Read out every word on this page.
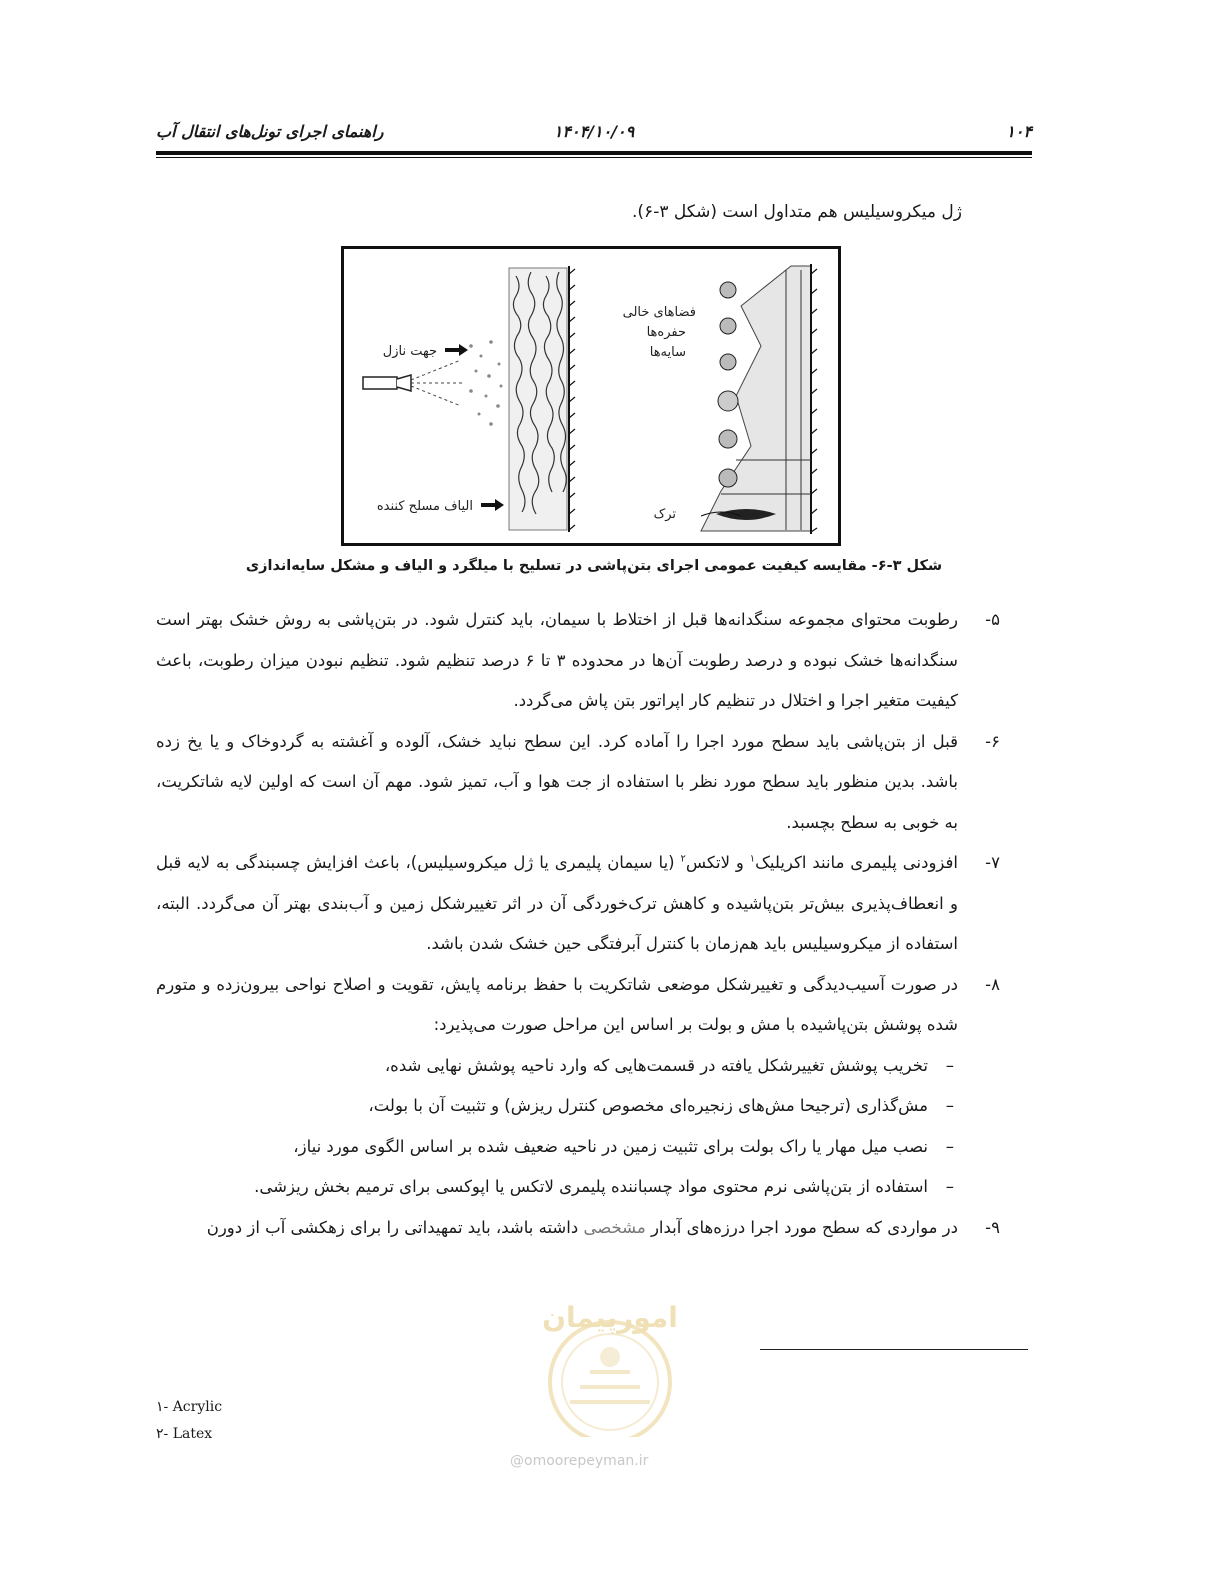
۱۰۴
۱۴۰۴/۱۰/۰۹
راهنمای اجرای تونل‌های انتقال آب
ژل میکروسیلیس هم متداول است (شکل ۳-۶).
جهت نازل
الیاف مسلح کننده
فضاهای خالی
حفره‌ها
سایه‌ها
ترک
شکل ۳-۶- مقایسه کیفیت عمومی اجرای بتن‌پاشی در تسلیح با میلگرد و الیاف و مشکل سایه‌اندازی
۵-
رطوبت محتوای مجموعه سنگدانه‌ها قبل از اختلاط با سیمان، باید کنترل شود. در بتن‌پاشی به روش خشک بهتر است سنگدانه‌ها خشک نبوده و درصد رطوبت آن‌ها در محدوده ۳ تا ۶ درصد تنظیم شود. تنظیم نبودن میزان رطوبت، باعث کیفیت متغیر اجرا و اختلال در تنظیم کار اپراتور بتن پاش می‌گردد.
۶-
قبل از بتن‌پاشی باید سطح مورد اجرا را آماده کرد. این سطح نباید خشک، آلوده و آغشته به گردوخاک و یا یخ زده باشد. بدین منظور باید سطح مورد نظر با استفاده از جت هوا و آب، تمیز شود. مهم آن است که اولین لایه شاتکریت، به خوبی به سطح بچسبد.
۷-
افزودنی پلیمری مانند اکریلیک$^۱$ و لاتکس$^۲$ (یا سیمان پلیمری یا ژل میکروسیلیس)، باعث افزایش چسبندگی به لایه قبل و انعطاف‌پذیری بیش‌تر بتن‌پاشیده و کاهش ترک‌خوردگی آن در اثر تغییرشکل زمین و آب‌بندی بهتر آن می‌گردد. البته، استفاده از میکروسیلیس باید هم‌زمان با کنترل آبرفتگی حین خشک شدن باشد.
۸-
در صورت آسیب‌دیدگی و تغییرشکل موضعی شاتکریت با حفظ برنامه پایش، تقویت و اصلاح نواحی بیرون‌زده و متورم شده پوشش بتن‌پاشیده با مش و بولت بر اساس این مراحل صورت می‌پذیرد:
–
تخریب پوشش تغییرشکل یافته در قسمت‌هایی که وارد ناحیه پوشش نهایی شده،
–
مش‌گذاری (ترجیحا مش‌های زنجیره‌ای مخصوص کنترل ریزش) و تثبیت آن با بولت،
–
نصب میل مهار یا راک بولت برای تثبیت زمین در ناحیه ضعیف شده بر اساس الگوی مورد نیاز،
–
استفاده از بتن‌پاشی نرم محتوی مواد چسباننده پلیمری لاتکس یا اپوکسی برای ترمیم بخش ریزشی.
۹-
در مواردی که سطح مورد اجرا درزه‌های آبدار مشخصی داشته باشد، باید تمهیداتی را برای زهکشی آب از دورن
امورپیمان
@omoorepeyman.ir
۱- Acrylic
۲- Latex
